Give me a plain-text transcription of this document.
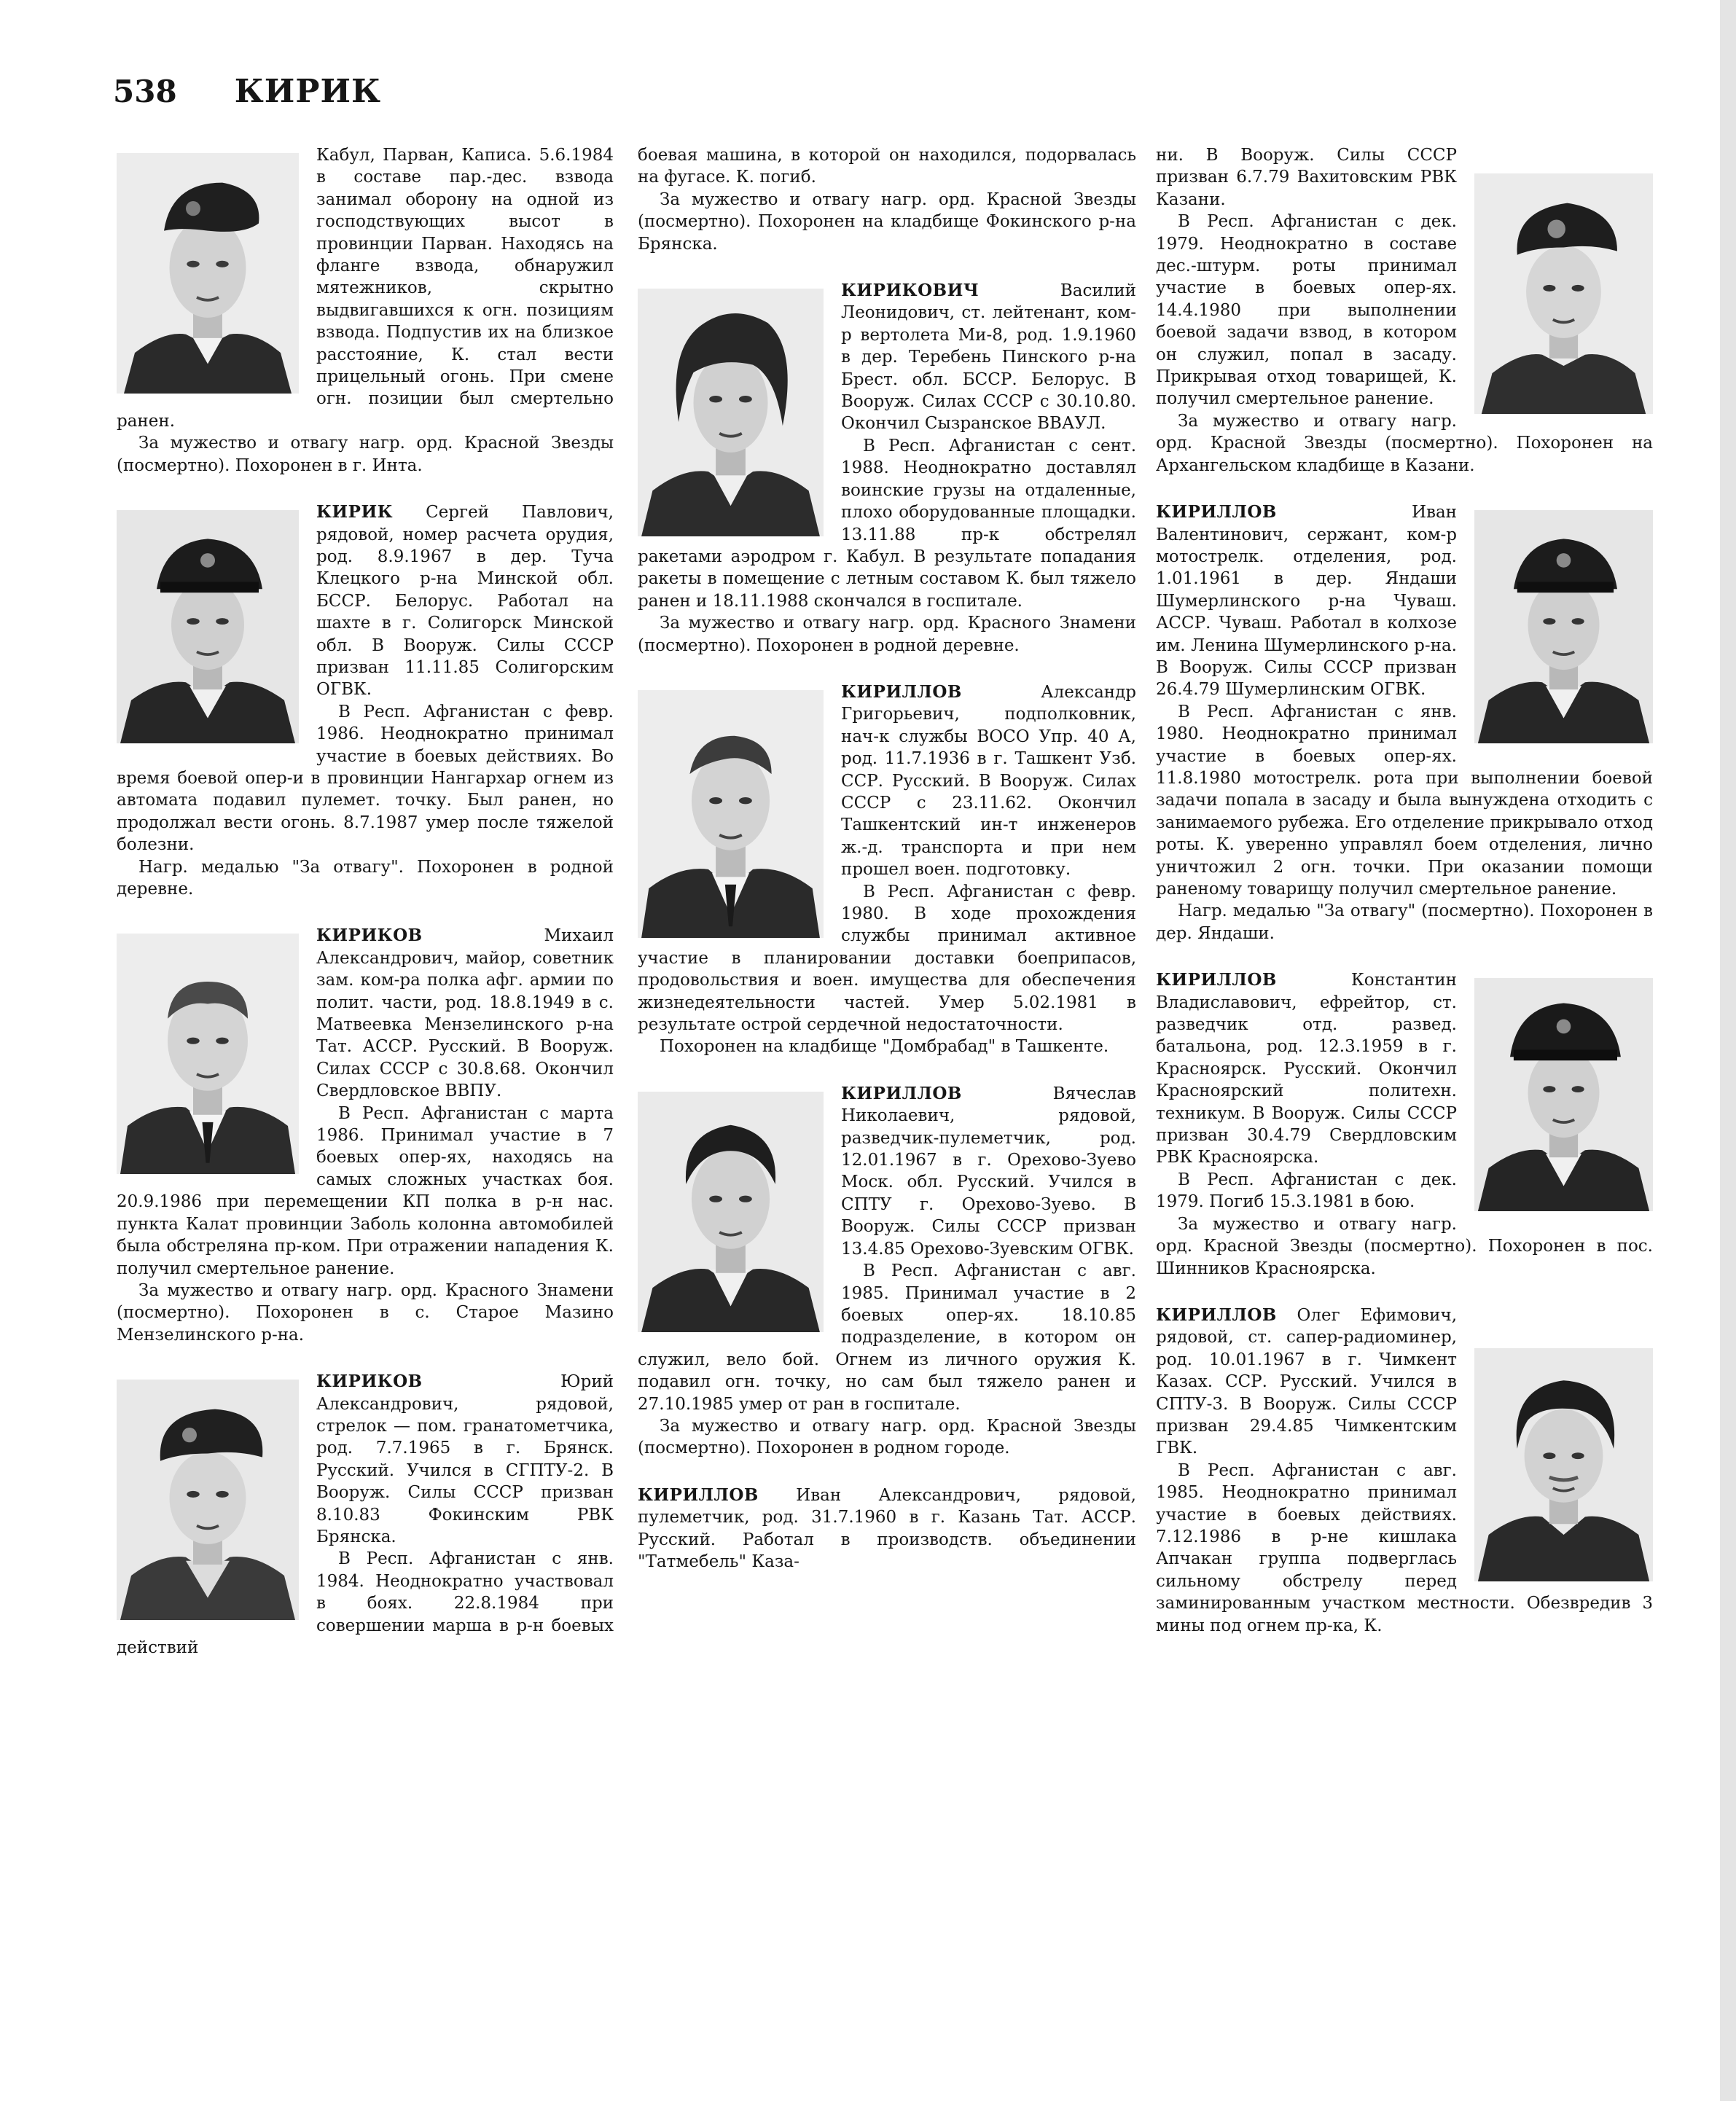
538 КИРИК

Кабул, Парван, Каписа. 5.6.1984 в составе пар.-дес. взвода занимал оборону на одной из господствующих высот в провинции Парван. Находясь на фланге взвода, обнаружил мятежников, скрытно выдвигавшихся к огн. позициям взвода. Подпустив их на близкое расстояние, К. стал вести прицельный огонь. При смене огн. позиции был смертельно ранен.

За мужество и отвагу нагр. орд. Красной Звезды (посмертно). Похоронен в г. Инта.

КИРИК Сергей Павлович, рядовой, номер расчета орудия, род. 8.9.1967 в дер. Туча Клецкого р-на Минской обл. БССР. Белорус. Работал на шахте в г. Солигорск Минской обл. В Вооруж. Силы СССР призван 11.11.85 Солигорским ОГВК.

В Респ. Афганистан с февр. 1986. Неоднократно принимал участие в боевых действиях. Во время боевой опер-и в провинции Нангархар огнем из автомата подавил пулемет. точку. Был ранен, но продолжал вести огонь. 8.7.1987 умер после тяжелой болезни.

Нагр. медалью "За отвагу". Похоронен в родной деревне.

КИРИКОВ Михаил Александрович, майор, советник зам. ком-ра полка афг. армии по полит. части, род. 18.8.1949 в с. Матвеевка Мензелинского р-на Тат. АССР. Русский. В Вооруж. Силах СССР с 30.8.68. Окончил Свердловское ВВПУ.

В Респ. Афганистан с марта 1986. Принимал участие в 7 боевых опер-ях, находясь на самых сложных участках боя. 20.9.1986 при перемещении КП полка в р-н нас. пункта Калат провинции Заболь колонна автомобилей была обстреляна пр-ком. При отражении нападения К. получил смертельное ранение.

За мужество и отвагу нагр. орд. Красного Знамени (посмертно). Похоронен в с. Старое Мазино Мензелинского р-на.

КИРИКОВ Юрий Александрович, рядовой, стрелок — пом. гранатометчика, род. 7.7.1965 в г. Брянск. Русский. Учился в СГПТУ-2. В Вооруж. Силы СССР призван 8.10.83 Фокинским РВК Брянска.

В Респ. Афганистан с янв. 1984. Неоднократно участвовал в боях. 22.8.1984 при совершении марша в р-н боевых действий

боевая машина, в которой он находился, подорвалась на фугасе. К. погиб.

За мужество и отвагу нагр. орд. Красной Звезды (посмертно). Похоронен на кладбище Фокинского р-на Брянска.

КИРИКОВИЧ Василий Леонидович, ст. лейтенант, ком-р вертолета Ми-8, род. 1.9.1960 в дер. Теребень Пинского р-на Брест. обл. БССР. Белорус. В Вооруж. Силах СССР с 30.10.80. Окончил Сызранское ВВАУЛ.

В Респ. Афганистан с сент. 1988. Неоднократно доставлял воинские грузы на отдаленные, плохо оборудованные площадки. 13.11.88 пр-к обстрелял ракетами аэродром г. Кабул. В результате попадания ракеты в помещение с летным составом К. был тяжело ранен и 18.11.1988 скончался в госпитале.

За мужество и отвагу нагр. орд. Красного Знамени (посмертно). Похоронен в родной деревне.

КИРИЛЛОВ Александр Григорьевич, подполковник, нач-к службы ВОСО Упр. 40 А, род. 11.7.1936 в г. Ташкент Узб. ССР. Русский. В Вооруж. Силах СССР с 23.11.62. Окончил Ташкентский ин-т инженеров ж.-д. транспорта и при нем прошел воен. подготовку.

В Респ. Афганистан с февр. 1980. В ходе прохождения службы принимал активное участие в планировании доставки боеприпасов, продовольствия и воен. имущества для обеспечения жизнедеятельности частей. Умер 5.02.1981 в результате острой сердечной недостаточности.

Похоронен на кладбище "Домбрабад" в Ташкенте.

КИРИЛЛОВ Вячеслав Николаевич, рядовой, разведчик-пулеметчик, род. 12.01.1967 в г. Орехово-Зуево Моск. обл. Русский. Учился в СПТУ г. Орехово-Зуево. В Вооруж. Силы СССР призван 13.4.85 Орехово-Зуевским ОГВК.

В Респ. Афганистан с авг. 1985. Принимал участие в 2 боевых опер-ях. 18.10.85 подразделение, в котором он служил, вело бой. Огнем из личного оружия К. подавил огн. точку, но сам был тяжело ранен и 27.10.1985 умер от ран в госпитале.

За мужество и отвагу нагр. орд. Красной Звезды (посмертно). Похоронен в родном городе.

КИРИЛЛОВ Иван Александрович, рядовой, пулеметчик, род. 31.7.1960 в г. Казань Тат. АССР. Русский. Работал в производств. объединении "Татмебель" Каза-

ни. В Вооруж. Силы СССР призван 6.7.79 Вахитовским РВК Казани.

В Респ. Афганистан с дек. 1979. Неоднократно в составе дес.-штурм. роты принимал участие в боевых опер-ях. 14.4.1980 при выполнении боевой задачи взвод, в котором он служил, попал в засаду. Прикрывая отход товарищей, К. получил смертельное ранение.

За мужество и отвагу нагр. орд. Красной Звезды (посмертно). Похоронен на Архангельском кладбище в Казани.

КИРИЛЛОВ Иван Валентинович, сержант, ком-р мотострелк. отделения, род. 1.01.1961 в дер. Яндаши Шумерлинского р-на Чуваш. АССР. Чуваш. Работал в колхозе им. Ленина Шумерлинского р-на. В Вооруж. Силы СССР призван 26.4.79 Шумерлинским ОГВК.

В Респ. Афганистан с янв. 1980. Неоднократно принимал участие в боевых опер-ях. 11.8.1980 мотострелк. рота при выполнении боевой задачи попала в засаду и была вынуждена отходить с занимаемого рубежа. Его отделение прикрывало отход роты. К. уверенно управлял боем отделения, лично уничтожил 2 огн. точки. При оказании помощи раненому товарищу получил смертельное ранение.

Нагр. медалью "За отвагу" (посмертно). Похоронен в дер. Яндаши.

КИРИЛЛОВ Константин Владиславович, ефрейтор, ст. разведчик отд. развед. батальона, род. 12.3.1959 в г. Красноярск. Русский. Окончил Красноярский политехн. техникум. В Вооруж. Силы СССР призван 30.4.79 Свердловским РВК Красноярска.

В Респ. Афганистан с дек. 1979. Погиб 15.3.1981 в бою.

За мужество и отвагу нагр. орд. Красной Звезды (посмертно). Похоронен в пос. Шинников Красноярска.

КИРИЛЛОВ Олег Ефимович, рядовой, ст. сапер-радиоминер, род. 10.01.1967 в г. Чимкент Казах. ССР. Русский. Учился в СПТУ-3. В Вооруж. Силы СССР призван 29.4.85 Чимкентским ГВК.

В Респ. Афганистан с авг. 1985. Неоднократно принимал участие в боевых действиях. 7.12.1986 в р-не кишлака Апчакан группа подверглась сильному обстрелу перед заминированным участком местности. Обезвредив 3 мины под огнем пр-ка, К.
